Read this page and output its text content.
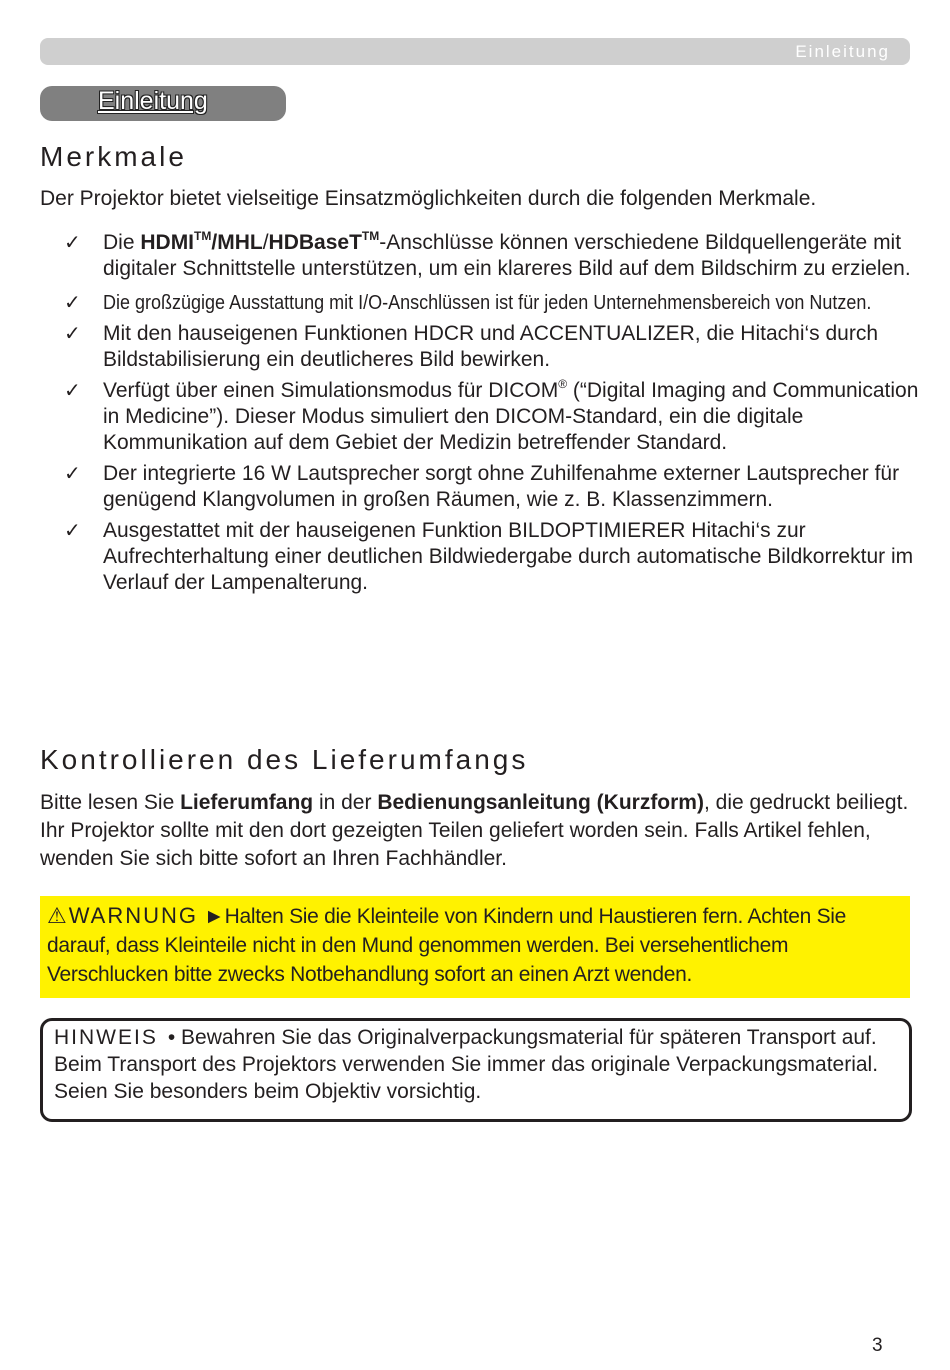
Einleitung
Einleitung
Merkmale
Der Projektor bietet vielseitige Einsatzmöglichkeiten durch die folgenden Merkmale.
✓ Die HDMI™/MHL/HDBaseT™-Anschlüsse können verschiedene Bildquellengeräte mit digitaler Schnittstelle unterstützen, um ein klareres Bild auf dem Bildschirm zu erzielen.
✓ Die großzügige Ausstattung mit I/O-Anschlüssen ist für jeden Unternehmensbereich von Nutzen.
✓ Mit den hauseigenen Funktionen HDCR und ACCENTUALIZER, die Hitachi‘s durch Bildstabilisierung ein deutlicheres Bild bewirken.
✓ Verfügt über einen Simulationsmodus für DICOM® (“Digital Imaging and Communication in Medicine”). Dieser Modus simuliert den DICOM-Standard, ein die digitale Kommunikation auf dem Gebiet der Medizin betreffender Standard.
✓ Der integrierte 16 W Lautsprecher sorgt ohne Zuhilfenahme externer Lautsprecher für genügend Klangvolumen in großen Räumen, wie z. B. Klassenzimmern.
✓ Ausgestattet mit der hauseigenen Funktion BILDOPTIMIERER Hitachi‘s zur Aufrechterhaltung einer deutlichen Bildwiedergabe durch automatische Bildkorrektur im Verlauf der Lampenalterung.
Kontrollieren des Lieferumfangs
Bitte lesen Sie Lieferumfang in der Bedienungsanleitung (Kurzform), die gedruckt beiliegt. Ihr Projektor sollte mit den dort gezeigten Teilen geliefert worden sein. Falls Artikel fehlen, wenden Sie sich bitte sofort an Ihren Fachhändler.
⚠WARNUNG ►Halten Sie die Kleinteile von Kindern und Haustieren fern. Achten Sie darauf, dass Kleinteile nicht in den Mund genommen werden. Bei versehentlichem Verschlucken bitte zwecks Notbehandlung sofort an einen Arzt wenden.
HINWEIS • Bewahren Sie das Originalverpackungsmaterial für späteren Transport auf. Beim Transport des Projektors verwenden Sie immer das originale Verpackungsmaterial. Seien Sie besonders beim Objektiv vorsichtig.
3
